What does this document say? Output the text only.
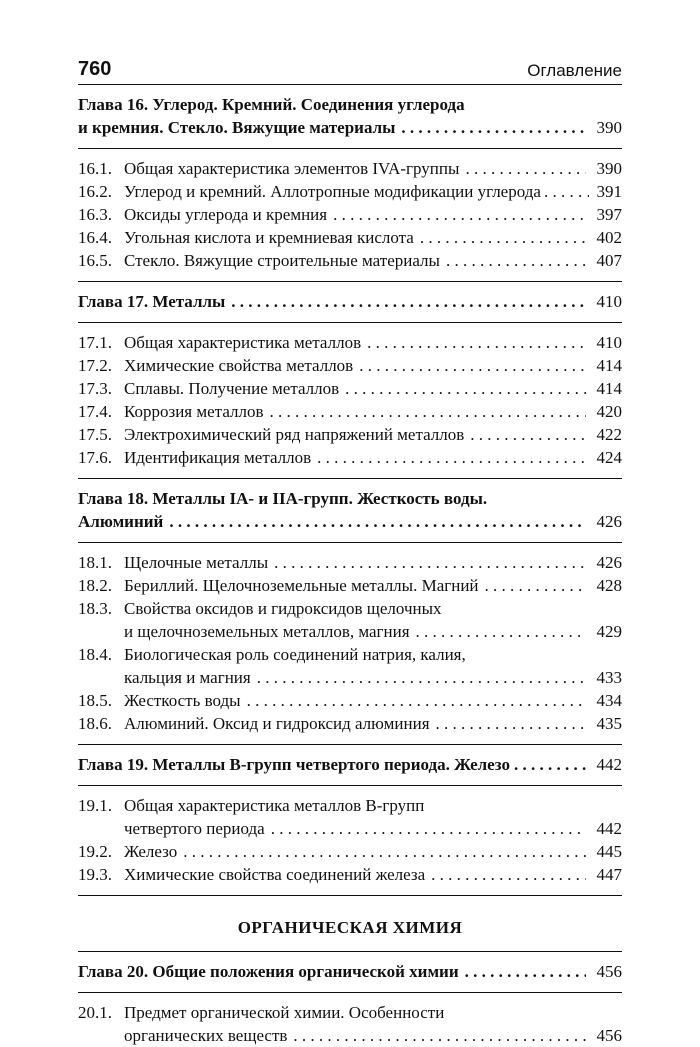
760	Оглавление
Глава 16. Углерод. Кремний. Соединения углерода
и кремния. Стекло. Вяжущие материалы . . .	390
16.1. Общая характеристика элементов IVA-группы . . .	390
16.2. Углерод и кремний. Аллотропные модификации углерода . . .	391
16.3. Оксиды углерода и кремния . . .	397
16.4. Угольная кислота и кремниевая кислота . . .	402
16.5. Стекло. Вяжущие строительные материалы . . .	407
Глава 17. Металлы . . .	410
17.1. Общая характеристика металлов . . .	410
17.2. Химические свойства металлов . . .	414
17.3. Сплавы. Получение металлов . . .	414
17.4. Коррозия металлов . . .	420
17.5. Электрохимический ряд напряжений металлов . . .	422
17.6. Идентификация металлов . . .	424
Глава 18. Металлы IA- и IIA-групп. Жесткость воды.
Алюминий . . .	426
18.1. Щелочные металлы . . .	426
18.2. Бериллий. Щелочноземельные металлы. Магний . . .	428
18.3. Свойства оксидов и гидроксидов щелочных
и щелочноземельных металлов, магния . . .	429
18.4. Биологическая роль соединений натрия, калия,
кальция и магния . . .	433
18.5. Жесткость воды . . .	434
18.6. Алюминий. Оксид и гидроксид алюминия . . .	435
Глава 19. Металлы B-групп четвертого периода. Железо . . .	442
19.1. Общая характеристика металлов B-групп
четвертого периода . . .	442
19.2. Железо . . .	445
19.3. Химические свойства соединений железа . . .	447
ОРГАНИЧЕСКАЯ ХИМИЯ
Глава 20. Общие положения органической химии . . .	456
20.1. Предмет органической химии. Особенности
органических веществ . . .	456
